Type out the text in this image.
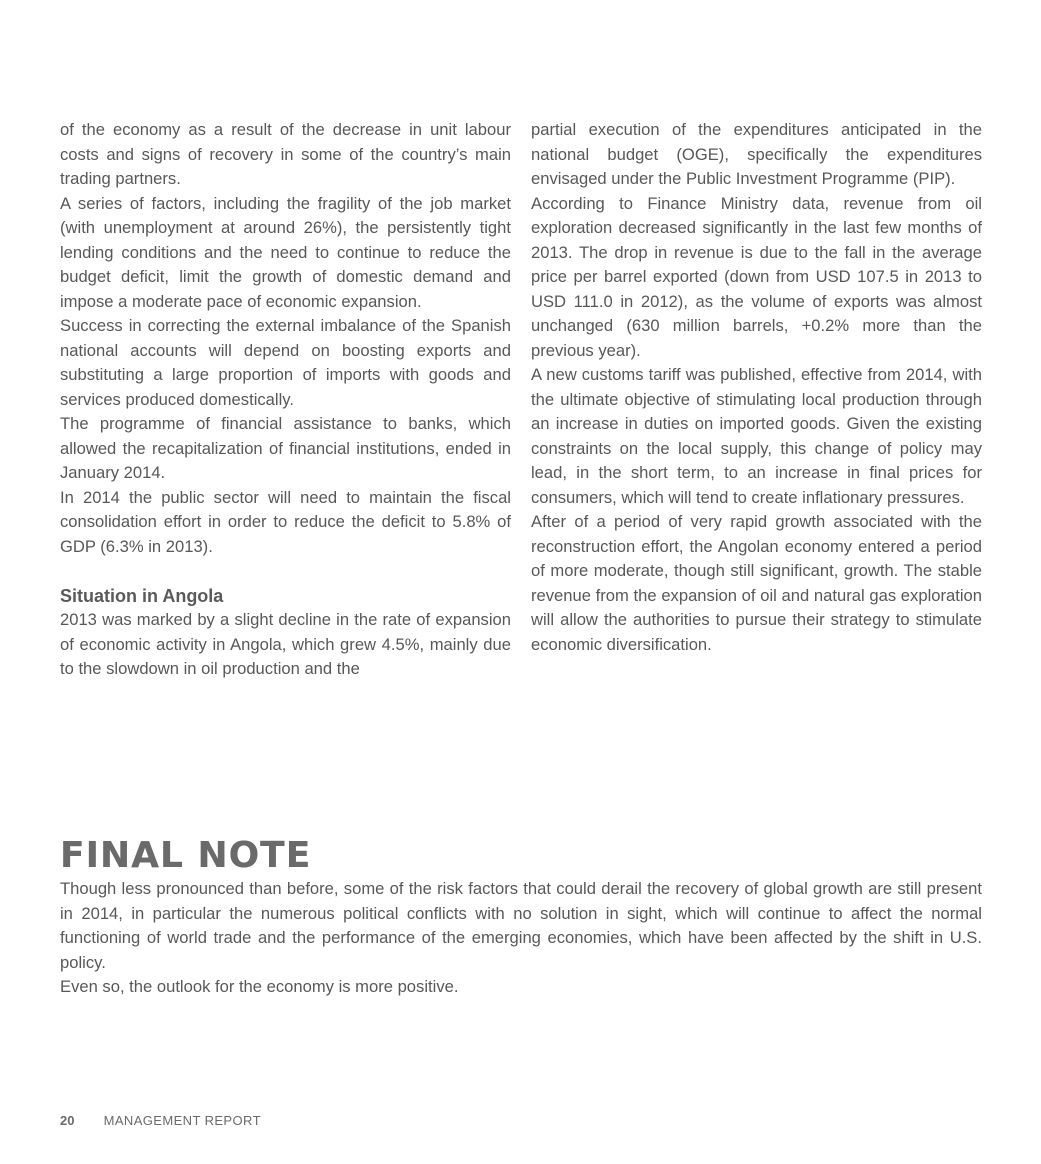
of the economy as a result of the decrease in unit labour costs and signs of recovery in some of the country’s main trading partners.

A series of factors, including the fragility of the job market (with unemployment at around 26%), the persistently tight lending conditions and the need to continue to reduce the budget deficit, limit the growth of domestic demand and impose a moderate pace of economic expansion.

Success in correcting the external imbalance of the Spanish national accounts will depend on boosting exports and substituting a large proportion of imports with goods and services produced domestically.

The programme of financial assistance to banks, which allowed the recapitalization of financial institutions, ended in January 2014.

In 2014 the public sector will need to maintain the fiscal consolidation effort in order to reduce the deficit to 5.8% of GDP (6.3% in 2013).

Situation in Angola

2013 was marked by a slight decline in the rate of expansion of economic activity in Angola, which grew 4.5%, mainly due to the slowdown in oil production and the

partial execution of the expenditures anticipated in the national budget (OGE), specifically the expenditures envisaged under the Public Investment Programme (PIP).

According to Finance Ministry data, revenue from oil exploration decreased significantly in the last few months of 2013. The drop in revenue is due to the fall in the average price per barrel exported (down from USD 107.5 in 2013 to USD 111.0 in 2012), as the volume of exports was almost unchanged (630 million barrels, +0.2% more than the previous year).

A new customs tariff was published, effective from 2014, with the ultimate objective of stimulating local production through an increase in duties on imported goods. Given the existing constraints on the local supply, this change of policy may lead, in the short term, to an increase in final prices for consumers, which will tend to create inflationary pressures.

After of a period of very rapid growth associated with the reconstruction effort, the Angolan economy entered a period of more moderate, though still significant, growth. The stable revenue from the expansion of oil and natural gas exploration will allow the authorities to pursue their strategy to stimulate economic diversification.

FINAL NOTE

Though less pronounced than before, some of the risk factors that could derail the recovery of global growth are still present in 2014, in particular the numerous political conflicts with no solution in sight, which will continue to affect the normal functioning of world trade and the performance of the emerging economies, which have been affected by the shift in U.S. policy.

Even so, the outlook for the economy is more positive.

20 MANAGEMENT REPORT
